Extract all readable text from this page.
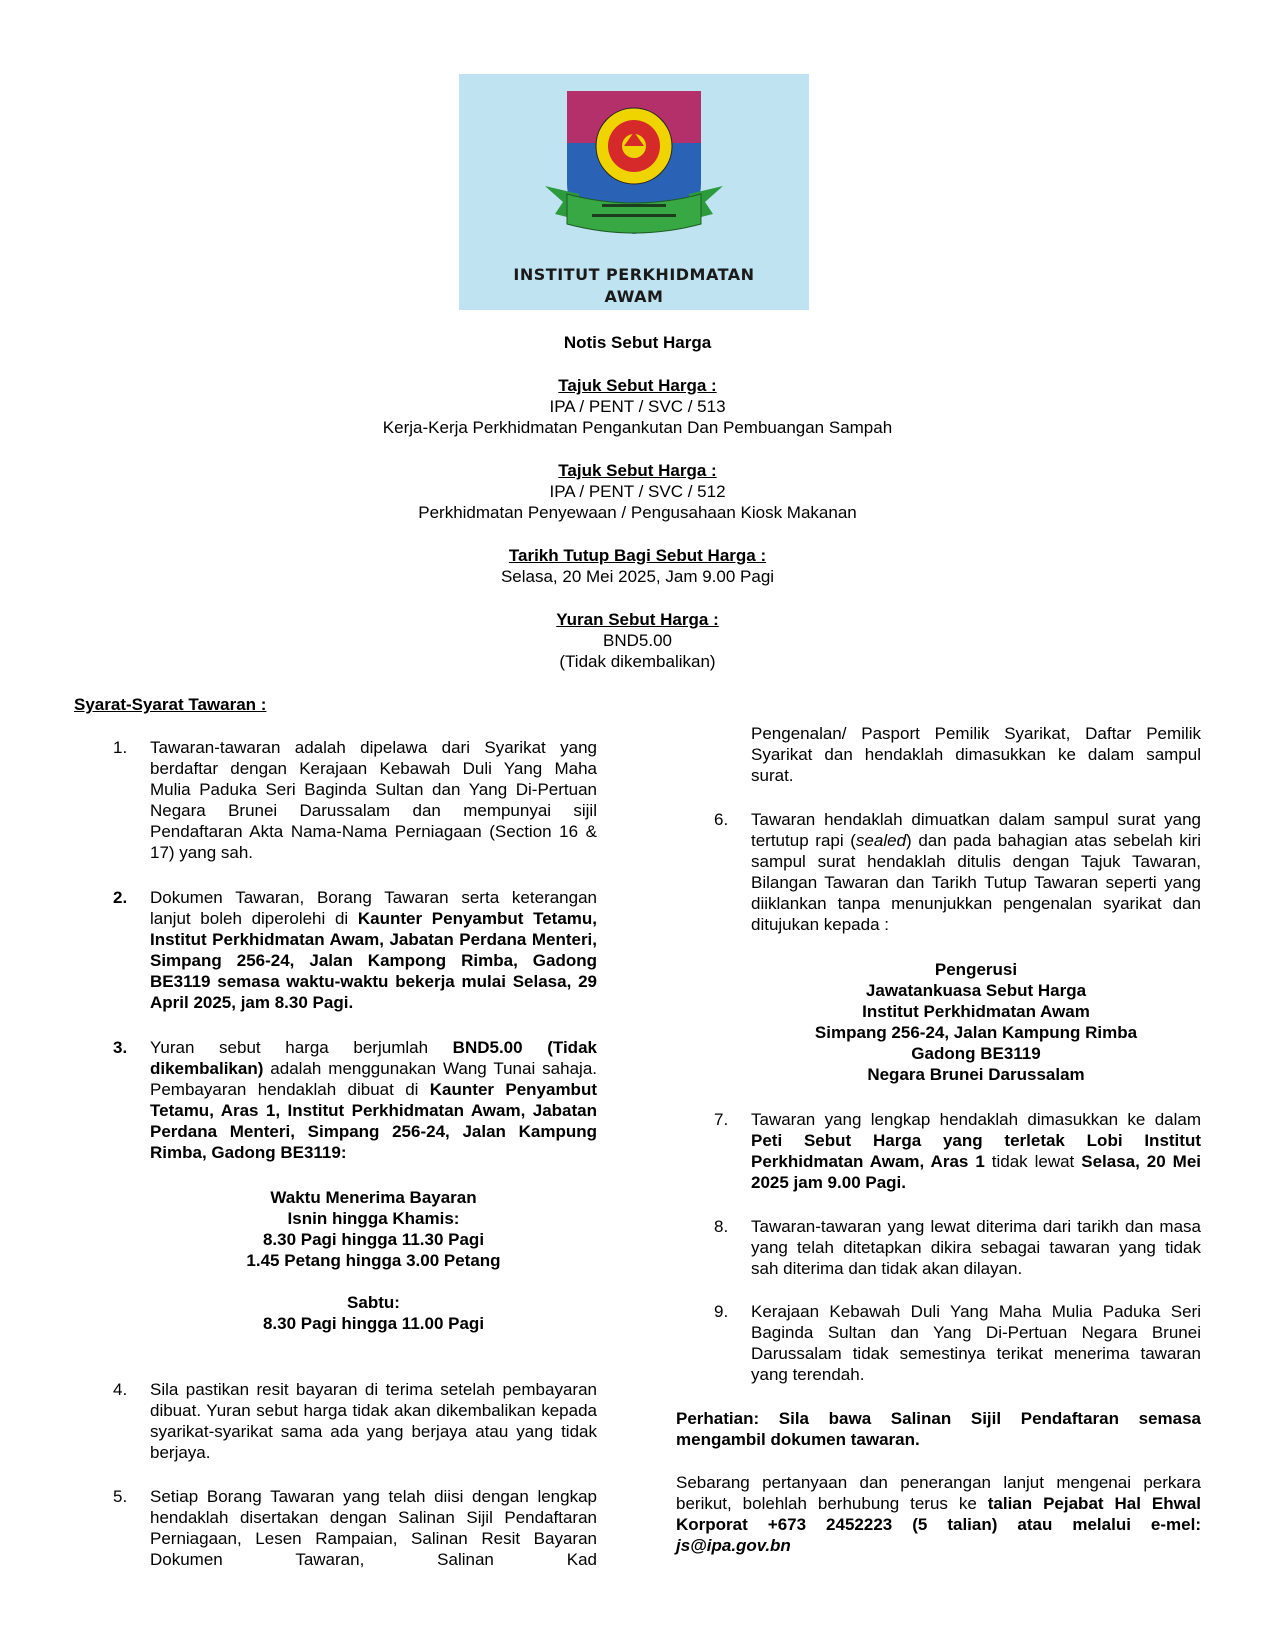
INSTITUT PERKHIDMATAN
AWAM
Notis Sebut Harga
Tajuk Sebut Harga :
IPA / PENT / SVC / 513
Kerja-Kerja Perkhidmatan Pengankutan Dan Pembuangan Sampah
Tajuk Sebut Harga :
IPA / PENT / SVC / 512
Perkhidmatan Penyewaan / Pengusahaan Kiosk Makanan
Tarikh Tutup Bagi Sebut Harga :
Selasa, 20 Mei 2025, Jam 9.00 Pagi
Yuran Sebut Harga :
BND5.00
(Tidak dikembalikan)
Syarat-Syarat Tawaran :
1.	Tawaran-tawaran adalah dipelawa dari Syarikat yang berdaftar dengan Kerajaan Kebawah Duli Yang Maha Mulia Paduka Seri Baginda Sultan dan Yang Di-Pertuan Negara Brunei Darussalam dan mempunyai sijil Pendaftaran Akta Nama-Nama Perniagaan (Section 16 & 17) yang sah.

2.	Dokumen Tawaran, Borang Tawaran serta keterangan lanjut boleh diperolehi di Kaunter Penyambut Tetamu, Institut Perkhidmatan Awam, Jabatan Perdana Menteri, Simpang 256-24, Jalan Kampong Rimba, Gadong BE3119 semasa waktu-waktu bekerja mulai Selasa, 29 April 2025, jam 8.30 Pagi.

3.	Yuran sebut harga berjumlah BND5.00 (Tidak dikembalikan) adalah menggunakan Wang Tunai sahaja. Pembayaran hendaklah dibuat di Kaunter Penyambut Tetamu, Aras 1, Institut Perkhidmatan Awam, Jabatan Perdana Menteri, Simpang 256-24, Jalan Kampung Rimba, Gadong BE3119:

Waktu Menerima Bayaran
Isnin hingga Khamis:
8.30 Pagi hingga 11.30 Pagi
1.45 Petang hingga 3.00 Petang
Sabtu:
8.30 Pagi hingga 11.00 Pagi
4.	Sila pastikan resit bayaran di terima setelah pembayaran dibuat. Yuran sebut harga tidak akan dikembalikan kepada syarikat-syarikat sama ada yang berjaya atau yang tidak berjaya.

5.	Setiap Borang Tawaran yang telah diisi dengan lengkap hendaklah disertakan dengan Salinan Sijil Pendaftaran Perniagaan, Lesen Rampaian, Salinan Resit Bayaran Dokumen Tawaran, Salinan Kad

Pengenalan/ Pasport Pemilik Syarikat, Daftar Pemilik Syarikat dan hendaklah dimasukkan ke dalam sampul surat.

6.	Tawaran hendaklah dimuatkan dalam sampul surat yang tertutup rapi (sealed) dan pada bahagian atas sebelah kiri sampul surat hendaklah ditulis dengan Tajuk Tawaran, Bilangan Tawaran dan Tarikh Tutup Tawaran seperti yang diiklankan tanpa menunjukkan pengenalan syarikat dan ditujukan kepada :

Pengerusi
Jawatankuasa Sebut Harga
Institut Perkhidmatan Awam
Simpang 256-24, Jalan Kampung Rimba
Gadong BE3119
Negara Brunei Darussalam
7.	Tawaran yang lengkap hendaklah dimasukkan ke dalam Peti Sebut Harga yang terletak Lobi Institut Perkhidmatan Awam, Aras 1 tidak lewat Selasa, 20 Mei 2025 jam 9.00 Pagi.

8.	Tawaran-tawaran yang lewat diterima dari tarikh dan masa yang telah ditetapkan dikira sebagai tawaran yang tidak sah diterima dan tidak akan dilayan.

9.	Kerajaan Kebawah Duli Yang Maha Mulia Paduka Seri Baginda Sultan dan Yang Di-Pertuan Negara Brunei Darussalam tidak semestinya terikat menerima tawaran yang terendah.

Perhatian: Sila bawa Salinan Sijil Pendaftaran semasa mengambil dokumen tawaran.

Sebarang pertanyaan dan penerangan lanjut mengenai perkara berikut, bolehlah berhubung terus ke talian Pejabat Hal Ehwal Korporat +673 2452223 (5 talian) atau melalui e-mel: js@ipa.gov.bn
